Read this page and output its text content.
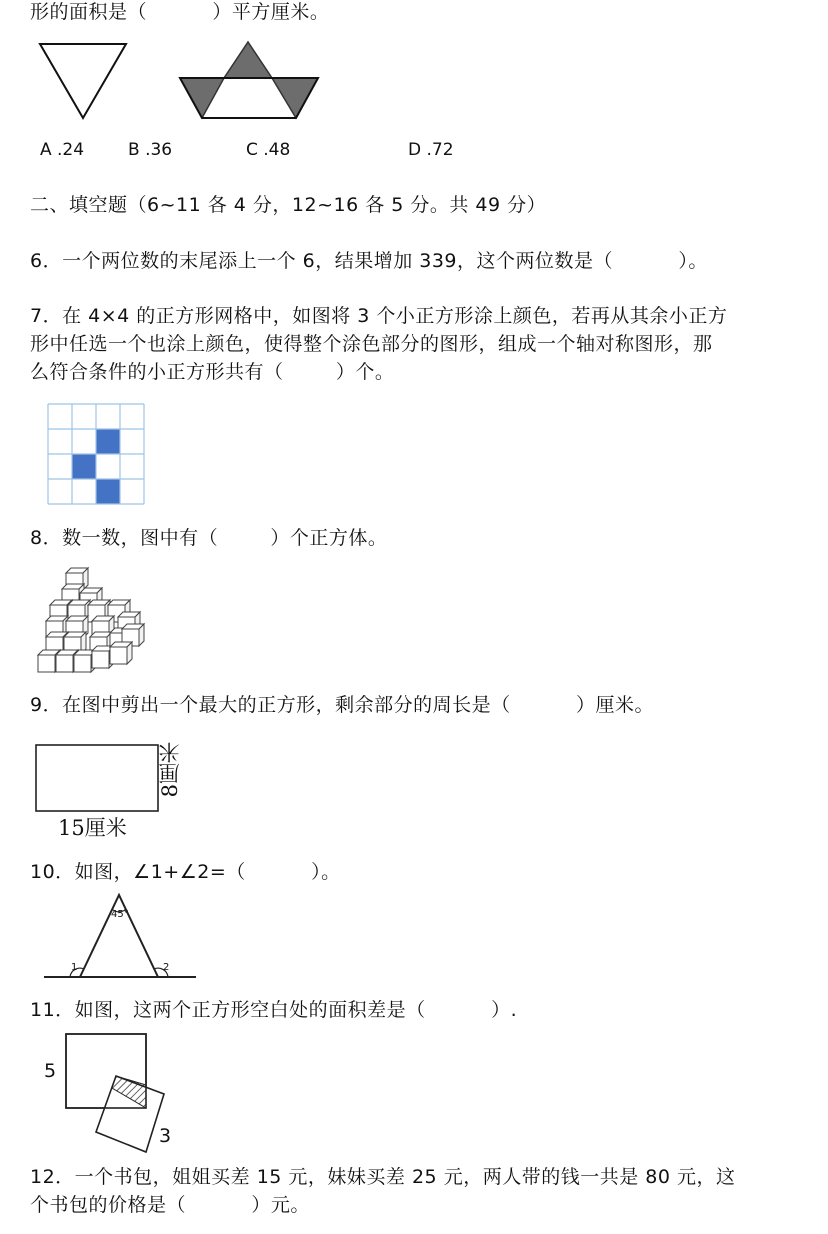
形的面积是（          ）平方厘米。

A .24	B .36	C .48	D .72

二、填空题（6~11 各 4 分，12~16 各 5 分。共 49 分）

6．一个两位数的末尾添上一个 6，结果增加 339，这个两位数是（          ）。

7．在 4×4 的正方形网格中，如图将 3 个小正方形涂上颜色，若再从其余小正方

形中任选一个也涂上颜色，使得整个涂色部分的图形，组成一个轴对称图形，那

么符合条件的小正方形共有（        ）个。

8．数一数，图中有（        ）个正方体。

9．在图中剪出一个最大的正方形，剩余部分的周长是（          ）厘米。

15厘米
8厘米

10．如图，∠1+∠2=（          ）。

45°
1	2

11．如图，这两个正方形空白处的面积差是（          ）.

5
3

12．一个书包，姐姐买差 15 元，妹妹买差 25 元，两人带的钱一共是 80 元，这

个书包的价格是（          ）元。
